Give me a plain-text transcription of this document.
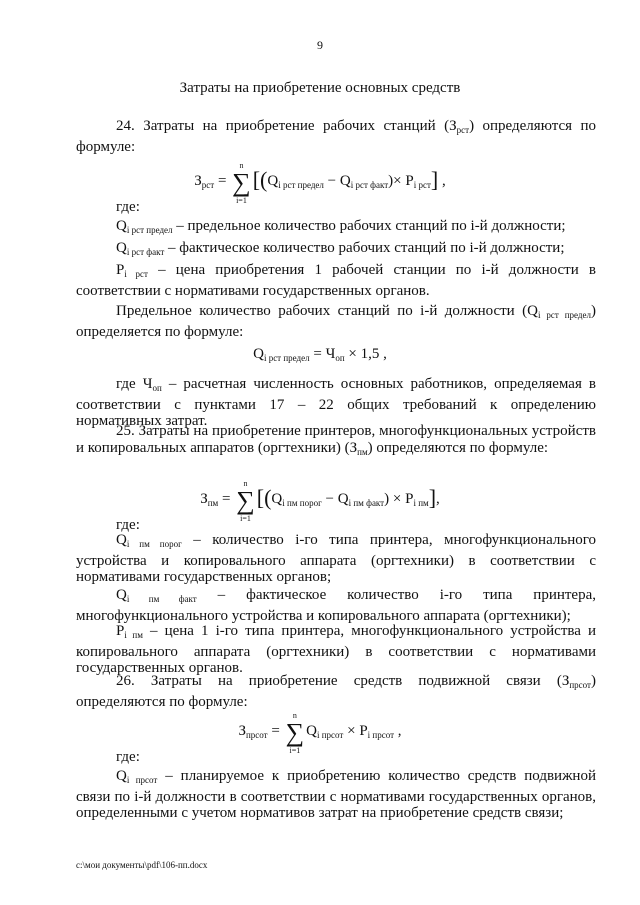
9
Затраты на приобретение основных средств
24. Затраты на приобретение рабочих станций $(З_{рст})$ определяются по формуле:
$З_{рст}$ = ∑
n
i=1
$[(Q_{i рст предел} - Q_{i рст факт})\times P_{i рст}]$ ,
где:
$Q_{i рст предел}$ – предельное количество рабочих станций по i-й должности;
$Q_{i рст факт}$ – фактическое количество рабочих станций по i-й должности;
$P_{i рст}$ – цена приобретения 1 рабочей станции по i-й должности в соответствии с нормативами государственных органов.
Предельное количество рабочих станций по i-й должности $(Q_{i рст предел})$ определяется по формуле:
$Q_{i рст предел} = Ч_{оп} \times 1,5$ ,
где $Ч_{оп}$ – расчетная численность основных работников, определяемая в соответствии с пунктами 17 – 22 общих требований к определению нормативных затрат.
25. Затраты на приобретение принтеров, многофункциональных устройств и копировальных аппаратов (оргтехники) $(З_{пм})$ определяются по формуле:
$З_{пм}$ = ∑
n
i=1
$[(Q_{i пм порог} - Q_{i пм факт}) \times P_{i пм}]$,
где:
$Q_{i пм порог}$ – количество i-го типа принтера, многофункционального устройства и копировального аппарата (оргтехники) в соответствии с нормативами государственных органов;
$Q_{i пм факт}$ – фактическое количество i-го типа принтера, многофункционального устройства и копировального аппарата (оргтехники);
$P_{i пм}$ – цена 1 i-го типа принтера, многофункционального устройства и копировального аппарата (оргтехники) в соответствии с нормативами государственных органов.
26. Затраты на приобретение средств подвижной связи $(З_{прсот})$ определяются по формуле:
$З_{прсот}$ = ∑
n
i=1
$Q_{i прсот} \times P_{i прсот}$ ,
где:
$Q_{i прсот}$ – планируемое к приобретению количество средств подвижной связи по i-й должности в соответствии с нормативами государственных органов, определенными с учетом нормативов затрат на приобретение средств связи;
c:\мои документы\pdf\106-пп.docx
